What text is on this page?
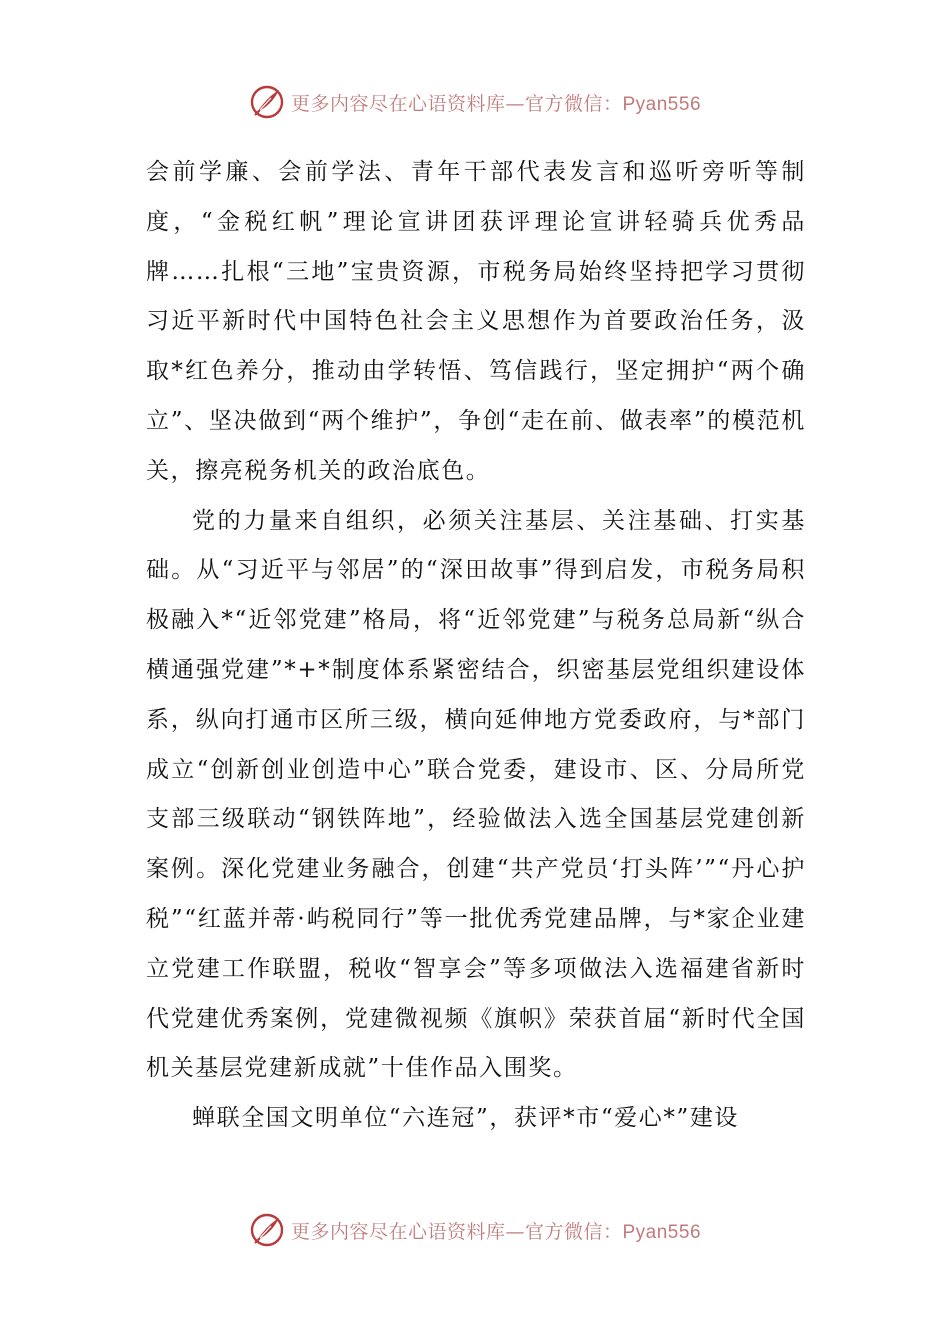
更多内容尽在心语资料库—官方微信：Pyan556

会前学廉、会前学法、青年干部代表发言和巡听旁听等制度，“金税红帆”理论宣讲团获评理论宣讲轻骑兵优秀品牌……扎根“三地”宝贵资源，市税务局始终坚持把学习贯彻习近平新时代中国特色社会主义思想作为首要政治任务，汲取*红色养分，推动由学转悟、笃信践行，坚定拥护“两个确立”、坚决做到“两个维护”，争创“走在前、做表率”的模范机关，擦亮税务机关的政治底色。

党的力量来自组织，必须关注基层、关注基础、打实基础。从“习近平与邻居”的“深田故事”得到启发，市税务局积极融入*“近邻党建”格局，将“近邻党建”与税务总局新“纵合横通强党建”*+*制度体系紧密结合，织密基层党组织建设体系，纵向打通市区所三级，横向延伸地方党委政府，与*部门成立“创新创业创造中心”联合党委，建设市、区、分局所党支部三级联动“钢铁阵地”，经验做法入选全国基层党建创新案例。深化党建业务融合，创建“共产党员‘打头阵’”“丹心护税”“红蓝并蒂·屿税同行”等一批优秀党建品牌，与*家企业建立党建工作联盟，税收“智享会”等多项做法入选福建省新时代党建优秀案例，党建微视频《旗帜》荣获首届“新时代全国机关基层党建新成就”十佳作品入围奖。

蝉联全国文明单位“六连冠”，获评*市“爱心*”建设

更多内容尽在心语资料库—官方微信：Pyan556
